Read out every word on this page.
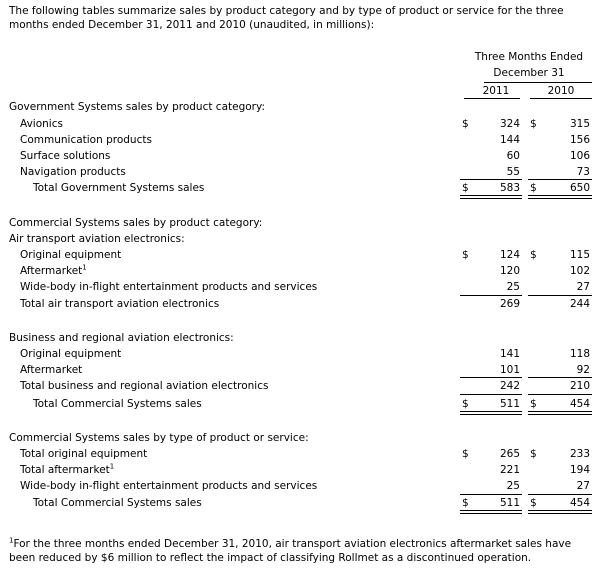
The following tables summarize sales by product category and by type of product or service for the three months ended December 31, 2011 and 2010 (unaudited, in millions):
Three Months Ended
December 31
2011	2010
Government Systems sales by product category:
Avionics	$	324 $	315
Communication products	144	156
Surface solutions	60	106
Navigation products	55	73
Total Government Systems sales	$	583 $	650
Commercial Systems sales by product category:
Air transport aviation electronics:
Original equipment	$	124 $	115
Aftermarket$^1$	120	102
Wide-body in-flight entertainment products and services	25	27
Total air transport aviation electronics	269	244
Business and regional aviation electronics:
Original equipment	141	118
Aftermarket	101	92
Total business and regional aviation electronics	242	210
Total Commercial Systems sales	$	511 $	454
Commercial Systems sales by type of product or service:
Total original equipment	$	265 $	233
Total aftermarket$^1$	221	194
Wide-body in-flight entertainment products and services	25	27
Total Commercial Systems sales	$	511 $	454
$^1$For the three months ended December 31, 2010, air transport aviation electronics aftermarket sales have been reduced by $6 million to reflect the impact of classifying Rollmet as a discontinued operation.
